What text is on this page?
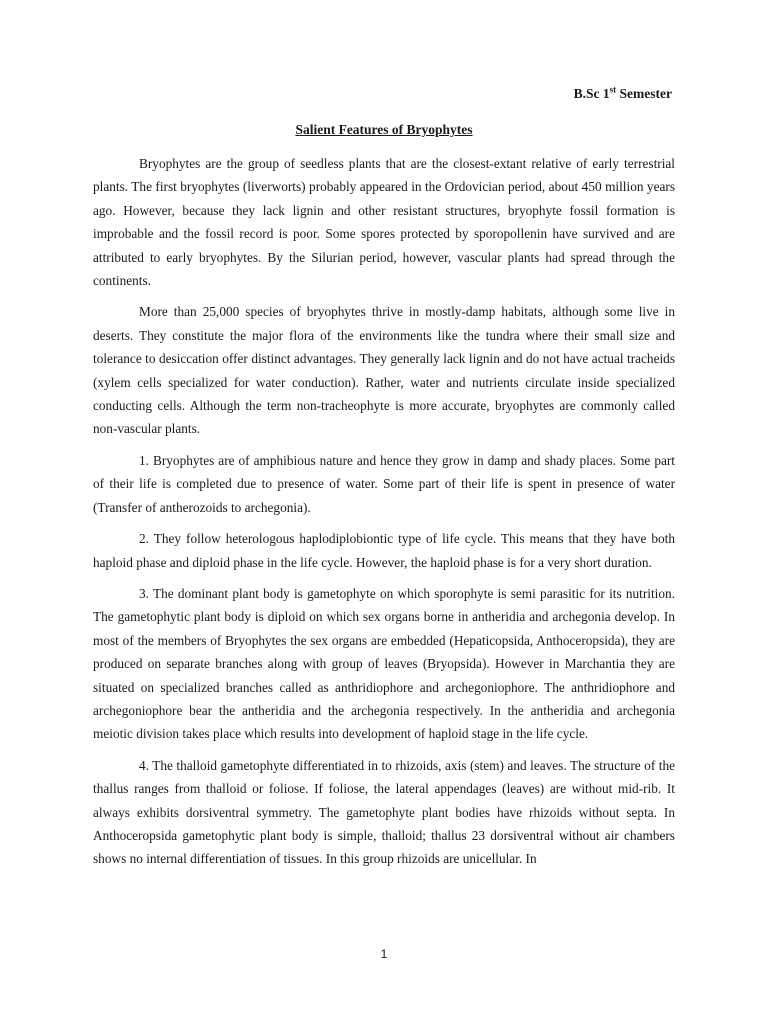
B.Sc 1st Semester
Salient Features of Bryophytes

Bryophytes are the group of seedless plants that are the closest-extant relative of early terrestrial plants. The first bryophytes (liverworts) probably appeared in the Ordovician period, about 450 million years ago. However, because they lack lignin and other resistant structures, bryophyte fossil formation is improbable and the fossil record is poor. Some spores protected by sporopollenin have survived and are attributed to early bryophytes. By the Silurian period, however, vascular plants had spread through the continents.

More than 25,000 species of bryophytes thrive in mostly-damp habitats, although some live in deserts. They constitute the major flora of the environments like the tundra where their small size and tolerance to desiccation offer distinct advantages. They generally lack lignin and do not have actual tracheids (xylem cells specialized for water conduction). Rather, water and nutrients circulate inside specialized conducting cells. Although the term non-tracheophyte is more accurate, bryophytes are commonly called non-vascular plants.

1. Bryophytes are of amphibious nature and hence they grow in damp and shady places. Some part of their life is completed due to presence of water. Some part of their life is spent in presence of water (Transfer of antherozoids to archegonia).

2. They follow heterologous haplodiplobiontic type of life cycle. This means that they have both haploid phase and diploid phase in the life cycle. However, the haploid phase is for a very short duration.

3. The dominant plant body is gametophyte on which sporophyte is semi parasitic for its nutrition. The gametophytic plant body is diploid on which sex organs borne in antheridia and archegonia develop. In most of the members of Bryophytes the sex organs are embedded (Hepaticopsida, Anthoceropsida), they are produced on separate branches along with group of leaves (Bryopsida). However in Marchantia they are situated on specialized branches called as anthridiophore and archegoniophore. The anthridiophore and archegoniophore bear the antheridia and the archegonia respectively. In the antheridia and archegonia meiotic division takes place which results into development of haploid stage in the life cycle.

4. The thalloid gametophyte differentiated in to rhizoids, axis (stem) and leaves. The structure of the thallus ranges from thalloid or foliose. If foliose, the lateral appendages (leaves) are without mid-rib. It always exhibits dorsiventral symmetry. The gametophyte plant bodies have rhizoids without septa. In Anthoceropsida gametophytic plant body is simple, thalloid; thallus 23 dorsiventral without air chambers shows no internal differentiation of tissues. In this group rhizoids are unicellular. In

1
